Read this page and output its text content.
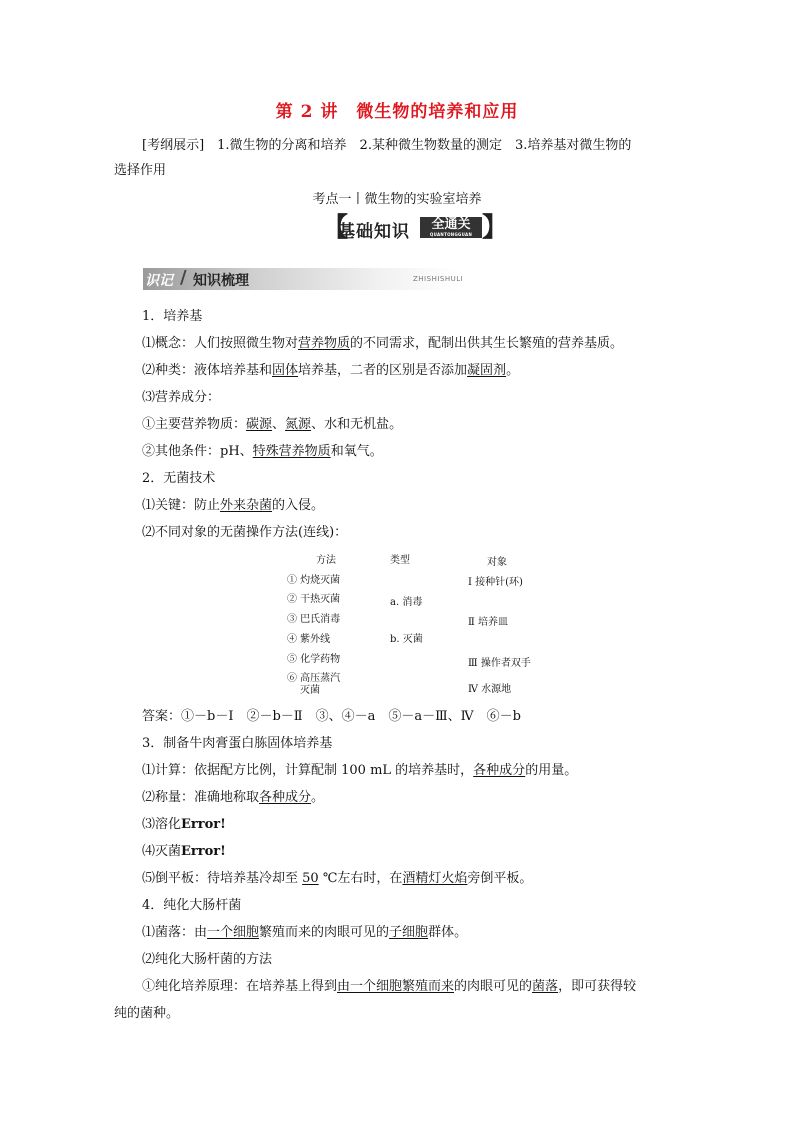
第 2 讲　微生物的培养和应用
[考纲展示]　1.微生物的分离和培养　2.某种微生物数量的测定　3.培养基对微生物的
选择作用
考点一丨微生物的实验室培养
【
基础知识	全通关
QUANTONGGUAN 】
识记 / 知识梳理	ZHISHISHULI
1．培养基
⑴概念：人们按照微生物对营养物质的不同需求，配制出供其生长繁殖的营养基质。
⑵种类：液体培养基和固体培养基，二者的区别是否添加凝固剂。
⑶营养成分：
①主要营养物质：碳源、氮源、水和无机盐。
②其他条件：pH、特殊营养物质和氧气。
2．无菌技术
⑴关键：防止外来杂菌的入侵。
⑵不同对象的无菌操作方法(连线)：
方法	类型	对象
① 灼烧灭菌
② 干热灭菌
③ 巴氏消毒
④ 紫外线
⑤ 化学药物
⑥ 高压蒸汽
灭菌
a. 消毒
b. 灭菌
Ⅰ 接种针(环)
Ⅱ 培养皿
Ⅲ 操作者双手
Ⅳ 水源地
答案：①－b－Ⅰ　②－b－Ⅱ　③、④－a　⑤－a－Ⅲ、Ⅳ　⑥－b
3．制备牛肉膏蛋白胨固体培养基
⑴计算：依据配方比例，计算配制 100 mL 的培养基时，各种成分的用量。
⑵称量：准确地称取各种成分。
⑶溶化Error!
⑷灭菌Error!
⑸倒平板：待培养基冷却至 50 ℃左右时，在酒精灯火焰旁倒平板。
4．纯化大肠杆菌
⑴菌落：由一个细胞繁殖而来的肉眼可见的子细胞群体。
⑵纯化大肠杆菌的方法
①纯化培养原理：在培养基上得到由一个细胞繁殖而来的肉眼可见的菌落，即可获得较
纯的菌种。
